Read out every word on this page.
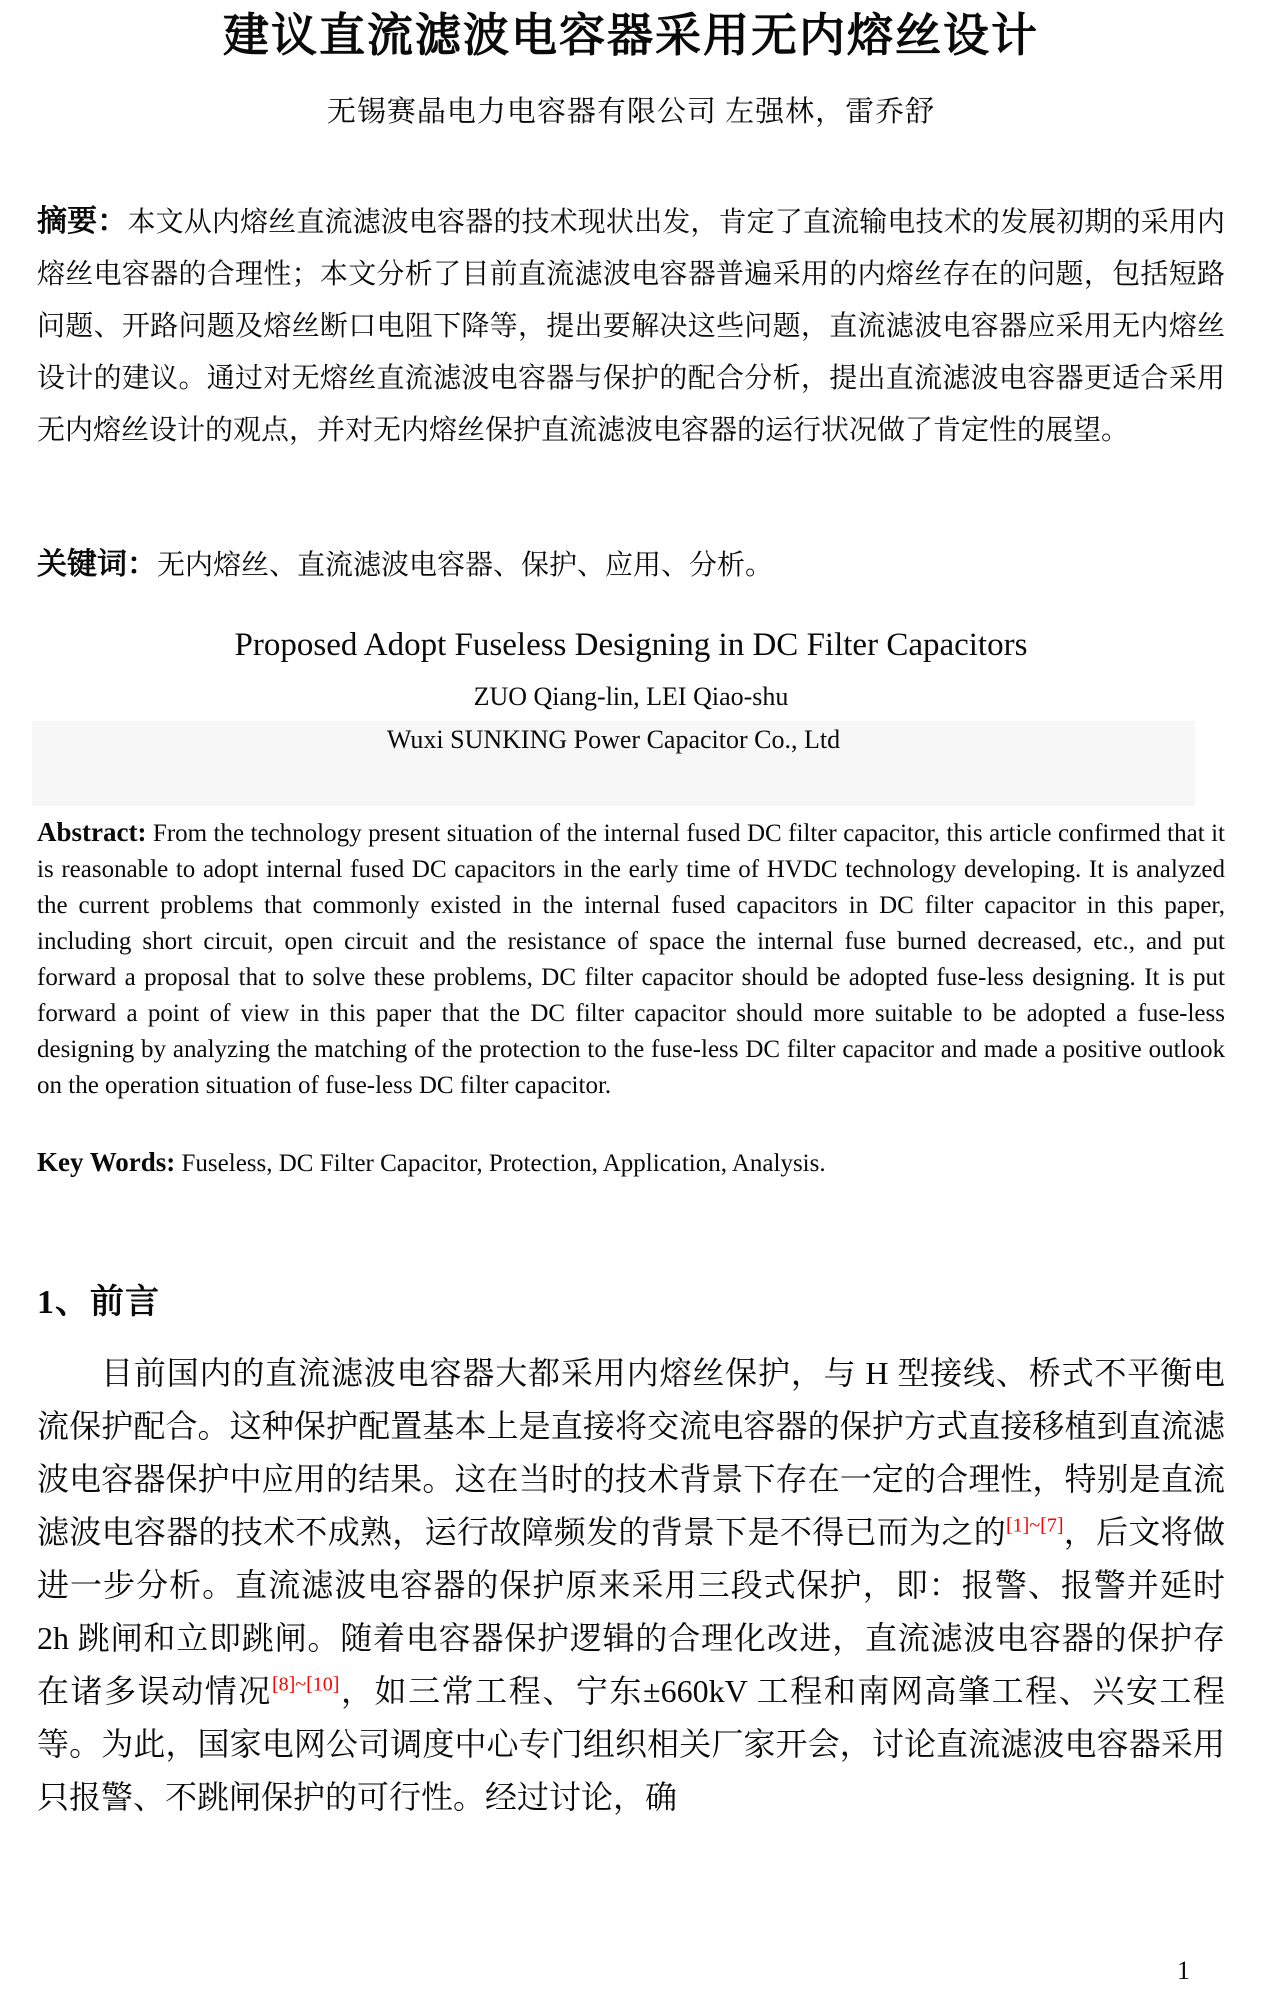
建议直流滤波电容器采用无内熔丝设计
无锡赛晶电力电容器有限公司 左强林，雷乔舒

摘要：本文从内熔丝直流滤波电容器的技术现状出发，肯定了直流输电技术的发展初期的采用内熔丝电容器的合理性；本文分析了目前直流滤波电容器普遍采用的内熔丝存在的问题，包括短路问题、开路问题及熔丝断口电阻下降等，提出要解决这些问题，直流滤波电容器应采用无内熔丝设计的建议。通过对无熔丝直流滤波电容器与保护的配合分析，提出直流滤波电容器更适合采用无内熔丝设计的观点，并对无内熔丝保护直流滤波电容器的运行状况做了肯定性的展望。

关键词：无内熔丝、直流滤波电容器、保护、应用、分析。

Proposed Adopt Fuseless Designing in DC Filter Capacitors
ZUO Qiang-lin, LEI Qiao-shu
Wuxi SUNKING Power Capacitor Co., Ltd

Abstract: From the technology present situation of the internal fused DC filter capacitor, this article confirmed that it is reasonable to adopt internal fused DC capacitors in the early time of HVDC technology developing. It is analyzed the current problems that commonly existed in the internal fused capacitors in DC filter capacitor in this paper, including short circuit, open circuit and the resistance of space the internal fuse burned decreased, etc., and put forward a proposal that to solve these problems, DC filter capacitor should be adopted fuse-less designing. It is put forward a point of view in this paper that the DC filter capacitor should more suitable to be adopted a fuse-less designing by analyzing the matching of the protection to the fuse-less DC filter capacitor and made a positive outlook on the operation situation of fuse-less DC filter capacitor.

Key Words: Fuseless, DC Filter Capacitor, Protection, Application, Analysis.

1、前言

目前国内的直流滤波电容器大都采用内熔丝保护，与 H 型接线、桥式不平衡电流保护配合。这种保护配置基本上是直接将交流电容器的保护方式直接移植到直流滤波电容器保护中应用的结果。这在当时的技术背景下存在一定的合理性，特别是直流滤波电容器的技术不成熟，运行故障频发的背景下是不得已而为之的[1]~[7]，后文将做进一步分析。直流滤波电容器的保护原来采用三段式保护，即：报警、报警并延时 2h 跳闸和立即跳闸。随着电容器保护逻辑的合理化改进，直流滤波电容器的保护存在诸多误动情况[8]~[10]，如三常工程、宁东±660kV 工程和南网高肇工程、兴安工程等。为此，国家电网公司调度中心专门组织相关厂家开会，讨论直流滤波电容器采用只报警、不跳闸保护的可行性。经过讨论，确

1
